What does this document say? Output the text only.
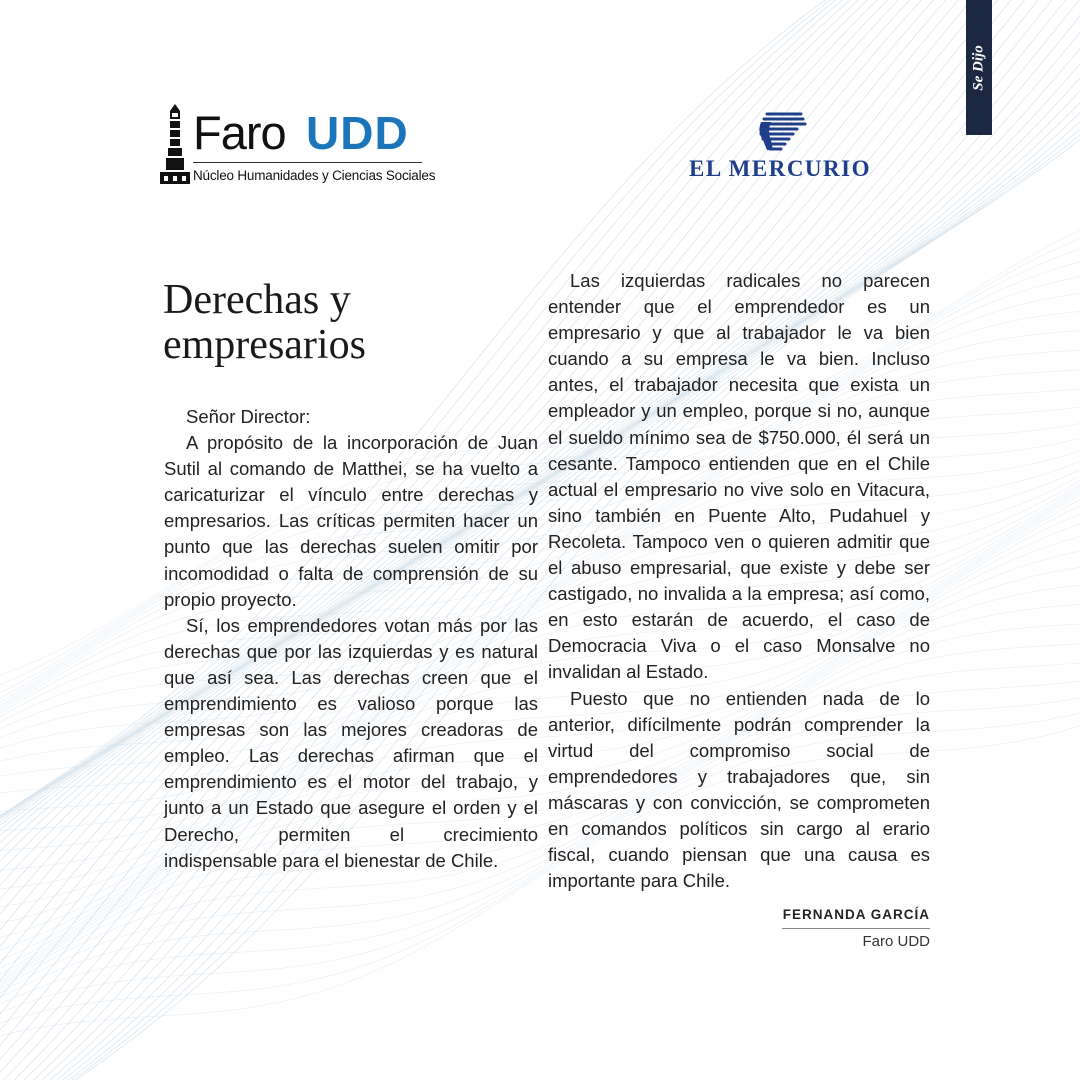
Se Dijo
Faro UDD
Núcleo Humanidades y Ciencias Sociales	EL MERCURIO
Derechas y
empresarios

Señor Director:

A propósito de la incorporación de Juan Sutil al comando de Matthei, se ha vuelto a caricaturizar el vínculo entre derechas y empresarios. Las críticas permiten hacer un punto que las derechas suelen omitir por incomodidad o falta de comprensión de su propio proyecto.

Sí, los emprendedores votan más por las derechas que por las izquierdas y es natural que así sea. Las derechas creen que el emprendimiento es valioso porque las empresas son las mejores creadoras de empleo. Las derechas afirman que el emprendimiento es el motor del trabajo, y junto a un Estado que asegure el orden y el Derecho, permiten el crecimiento indispensable para el bienestar de Chile.

Las izquierdas radicales no parecen entender que el emprendedor es un empresario y que al trabajador le va bien cuando a su empresa le va bien. Incluso antes, el trabajador necesita que exista un empleador y un empleo, porque si no, aunque el sueldo mínimo sea de $750.000, él será un cesante. Tampoco entienden que en el Chile actual el empresario no vive solo en Vitacura, sino también en Puente Alto, Pudahuel y Recoleta. Tampoco ven o quieren admitir que el abuso empresarial, que existe y debe ser castigado, no invalida a la empresa; así como, en esto estarán de acuerdo, el caso de Democracia Viva o el caso Monsalve no invalidan al Estado.

Puesto que no entienden nada de lo anterior, difícilmente podrán comprender la virtud del compromiso social de emprendedores y trabajadores que, sin máscaras y con convicción, se comprometen en comandos políticos sin cargo al erario fiscal, cuando piensan que una causa es importante para Chile.

FERNANDA GARCÍA
Faro UDD
